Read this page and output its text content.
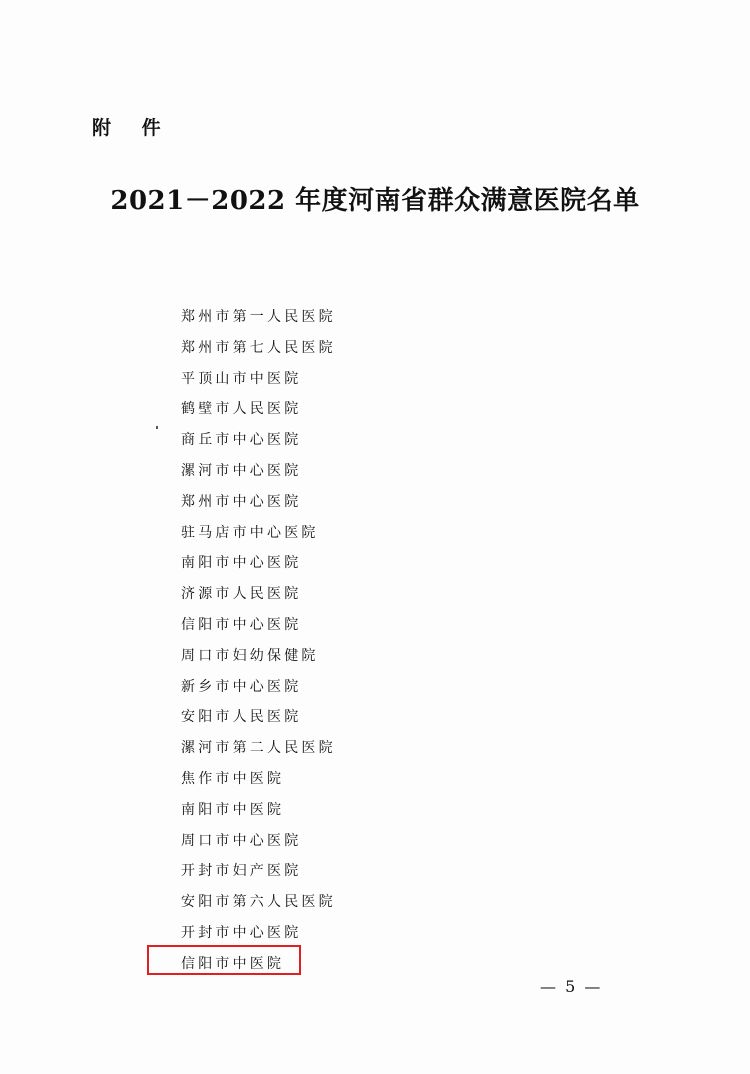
附 件
2021－2022 年度河南省群众满意医院名单
郑州市第一人民医院
郑州市第七人民医院
平顶山市中医院
鹤壁市人民医院
商丘市中心医院
漯河市中心医院
郑州市中心医院
驻马店市中心医院
南阳市中心医院
济源市人民医院
信阳市中心医院
周口市妇幼保健院
新乡市中心医院
安阳市人民医院
漯河市第二人民医院
焦作市中医院
南阳市中医院
周口市中心医院
开封市妇产医院
安阳市第六人民医院
开封市中心医院
信阳市中医院
— 5 —
